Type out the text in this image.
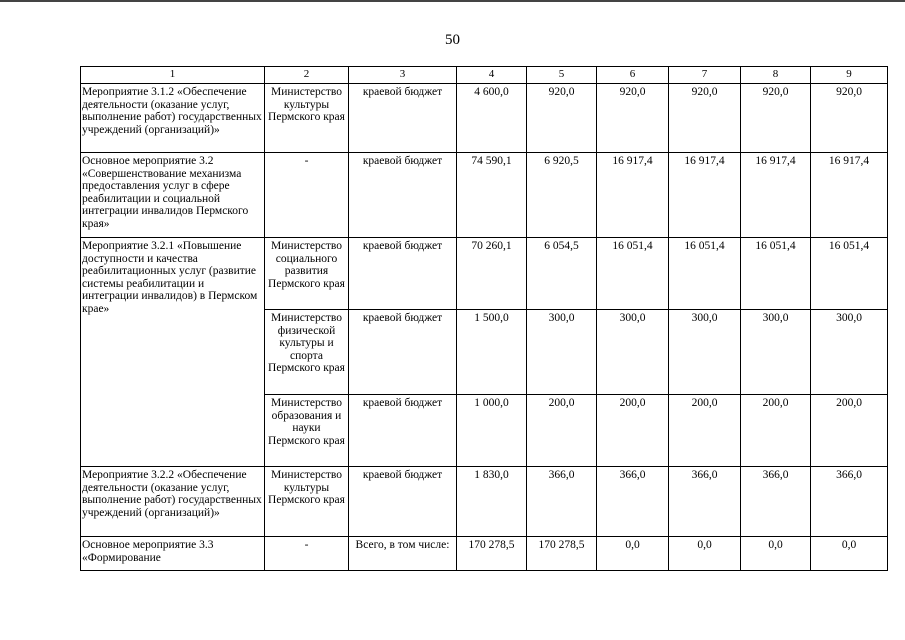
50
1	2	3	4	5	6	7	8	9
Мероприятие 3.1.2 «Обеспечение деятельности (оказание услуг, выполнение работ) государственных учреждений (организаций)»	Министерство культуры Пермского края	краевой бюджет	4 600,0	920,0	920,0	920,0	920,0	920,0
Основное мероприятие 3.2 «Совершенствование механизма предоставления услуг в сфере реабилитации и социальной интеграции инвалидов Пермского края»	-	краевой бюджет	74 590,1	6 920,5	16 917,4	16 917,4	16 917,4	16 917,4
Мероприятие 3.2.1 «Повышение доступности и качества реабилитационных услуг (развитие системы реабилитации и интеграции инвалидов) в Пермском крае»	Министерство социального развития Пермского края	краевой бюджет	70 260,1	6 054,5	16 051,4	16 051,4	16 051,4	16 051,4
	Министерство физической культуры и спорта Пермского края	краевой бюджет	1 500,0	300,0	300,0	300,0	300,0	300,0
	Министерство образования и науки Пермского края	краевой бюджет	1 000,0	200,0	200,0	200,0	200,0	200,0
Мероприятие 3.2.2 «Обеспечение деятельности (оказание услуг, выполнение работ) государственных учреждений (организаций)»	Министерство культуры Пермского края	краевой бюджет	1 830,0	366,0	366,0	366,0	366,0	366,0
Основное мероприятие 3.3 «Формирование	-	Всего, в том числе:	170 278,5	170 278,5	0,0	0,0	0,0	0,0
